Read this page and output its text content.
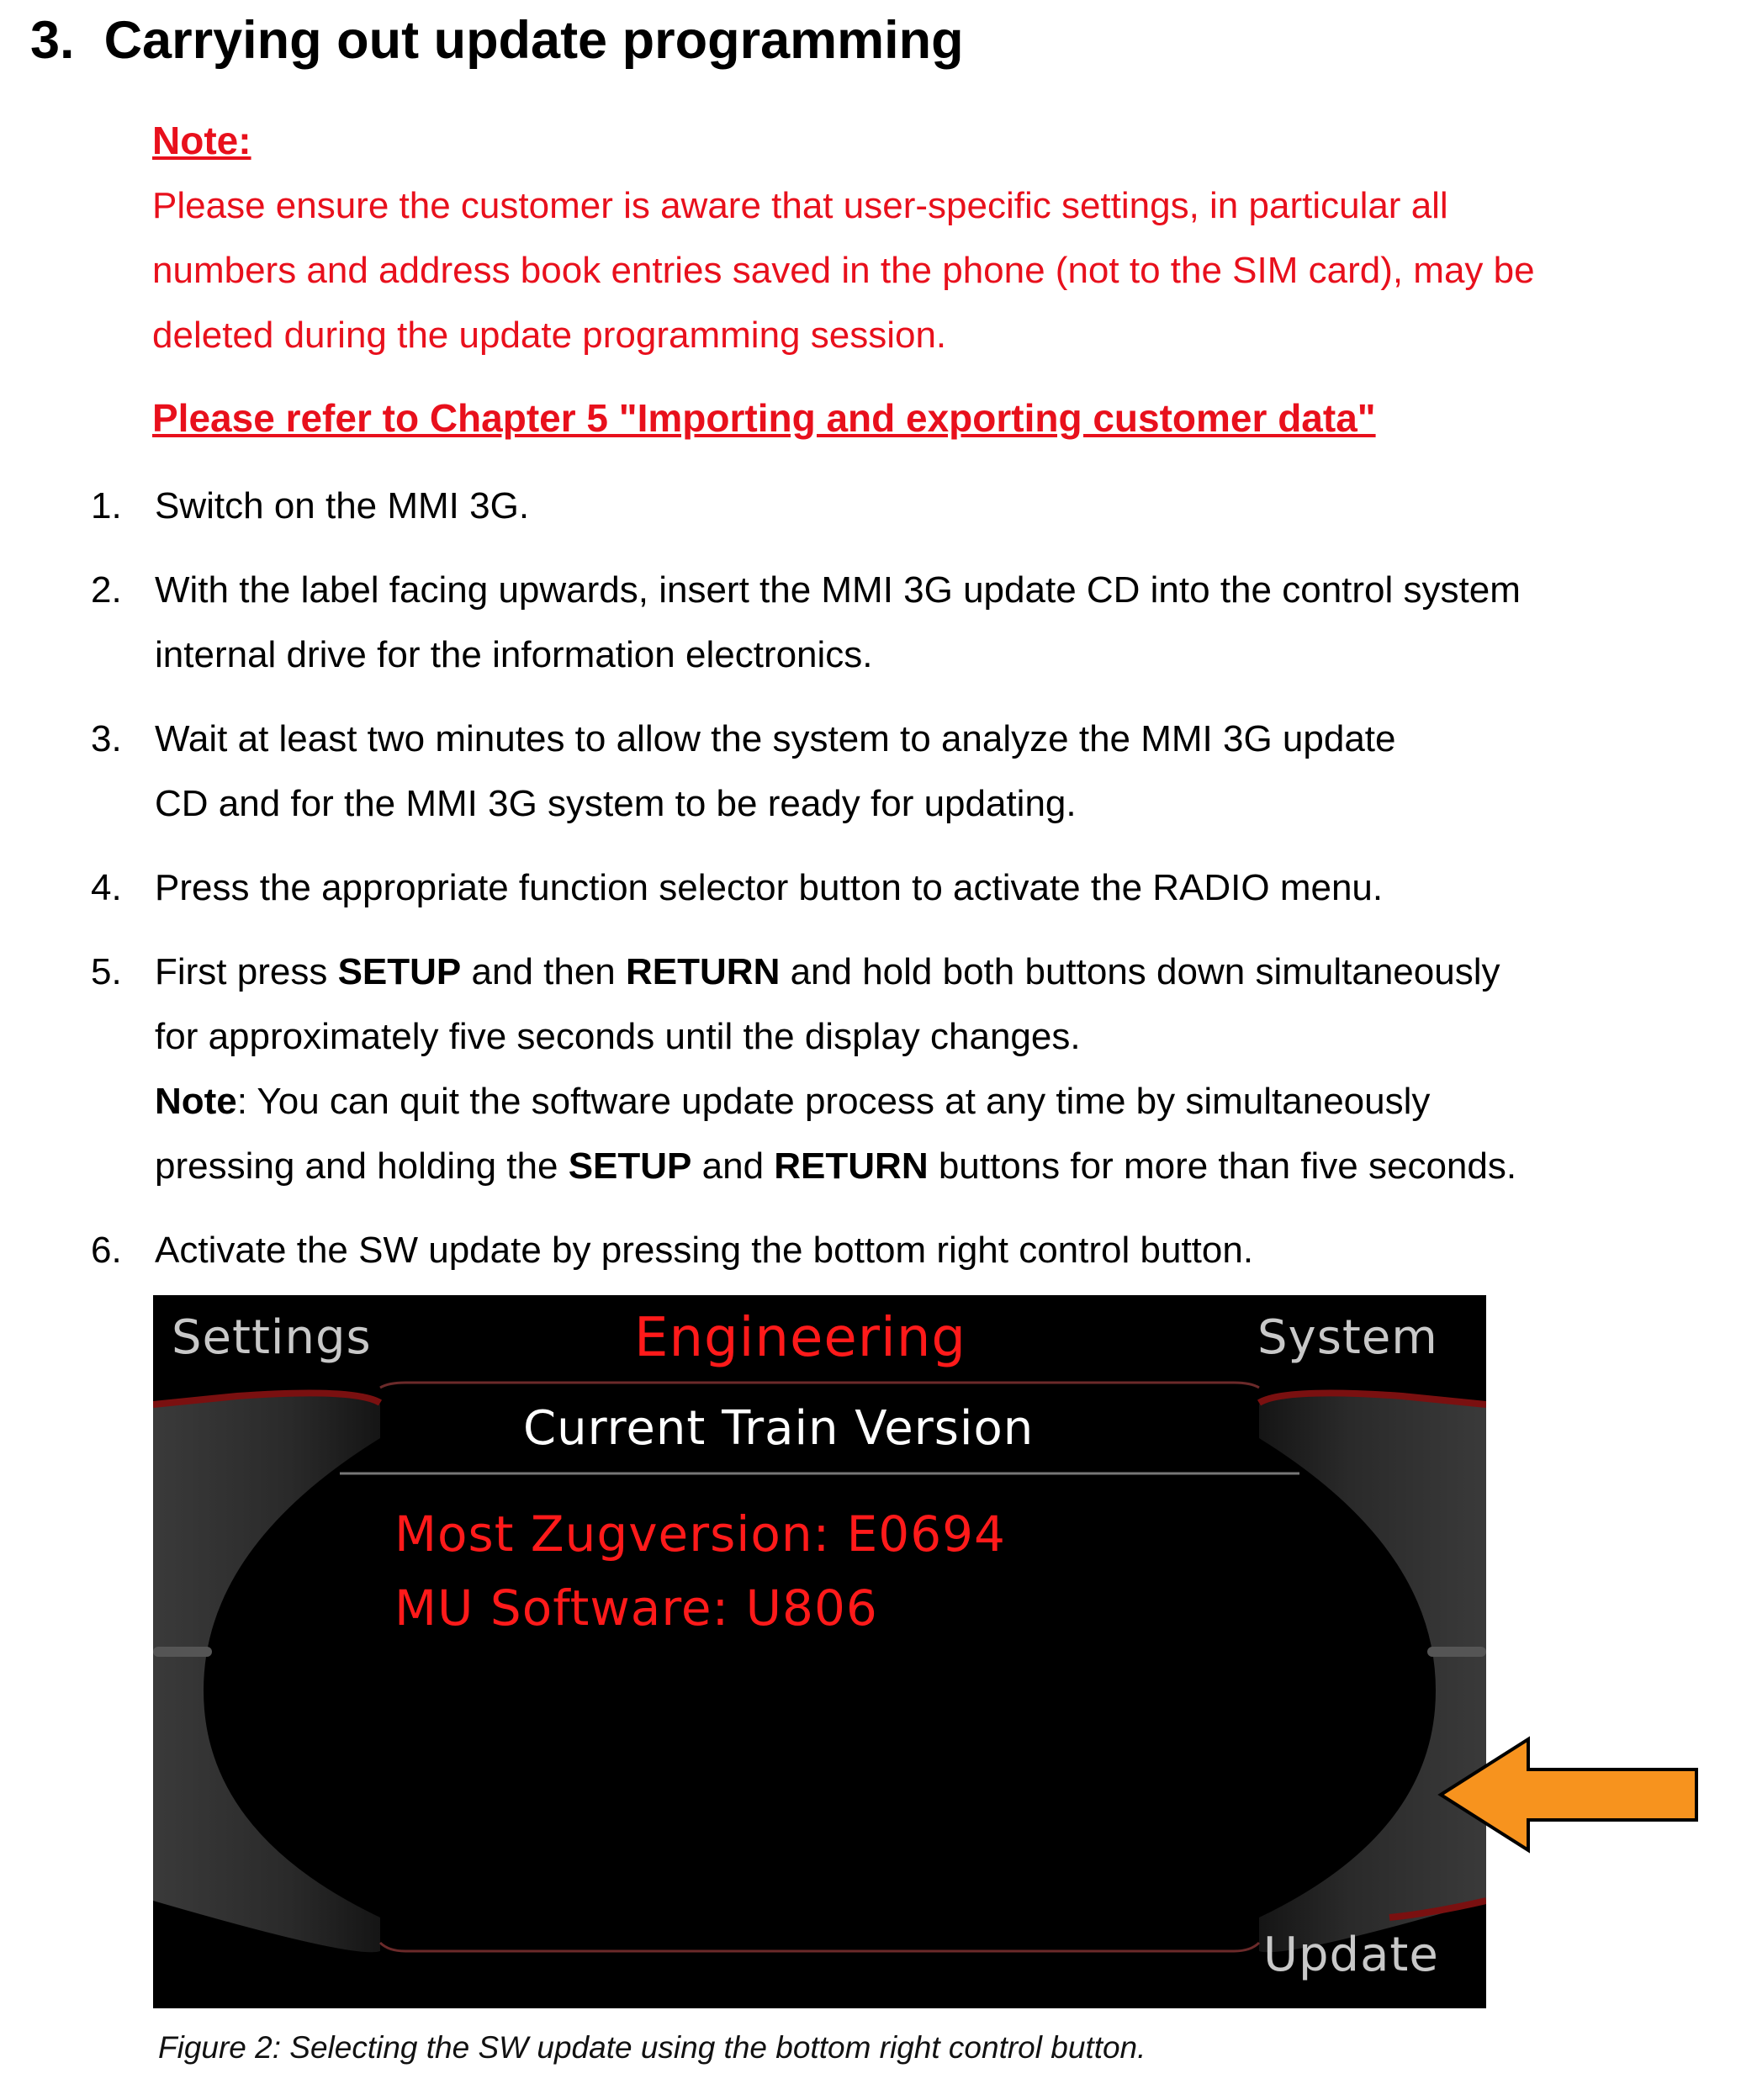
3. Carrying out update programming
Note:
Please ensure the customer is aware that user-specific settings, in particular all
numbers and address book entries saved in the phone (not to the SIM card), may be
deleted during the update programming session.
Please refer to Chapter 5 "Importing and exporting customer data"
1. Switch on the MMI 3G.
2. With the label facing upwards, insert the MMI 3G update CD into the control system
internal drive for the information electronics.
3. Wait at least two minutes to allow the system to analyze the MMI 3G update
CD and for the MMI 3G system to be ready for updating.
4. Press the appropriate function selector button to activate the RADIO menu.
5. First press SETUP and then RETURN and hold both buttons down simultaneously
for approximately five seconds until the display changes.
Note: You can quit the software update process at any time by simultaneously
pressing and holding the SETUP and RETURN buttons for more than five seconds.
6. Activate the SW update by pressing the bottom right control button.
Settings	Engineering	System
Current Train Version
Most Zugversion: E0694
MU Software: U806
Update
Figure 2: Selecting the SW update using the bottom right control button.
